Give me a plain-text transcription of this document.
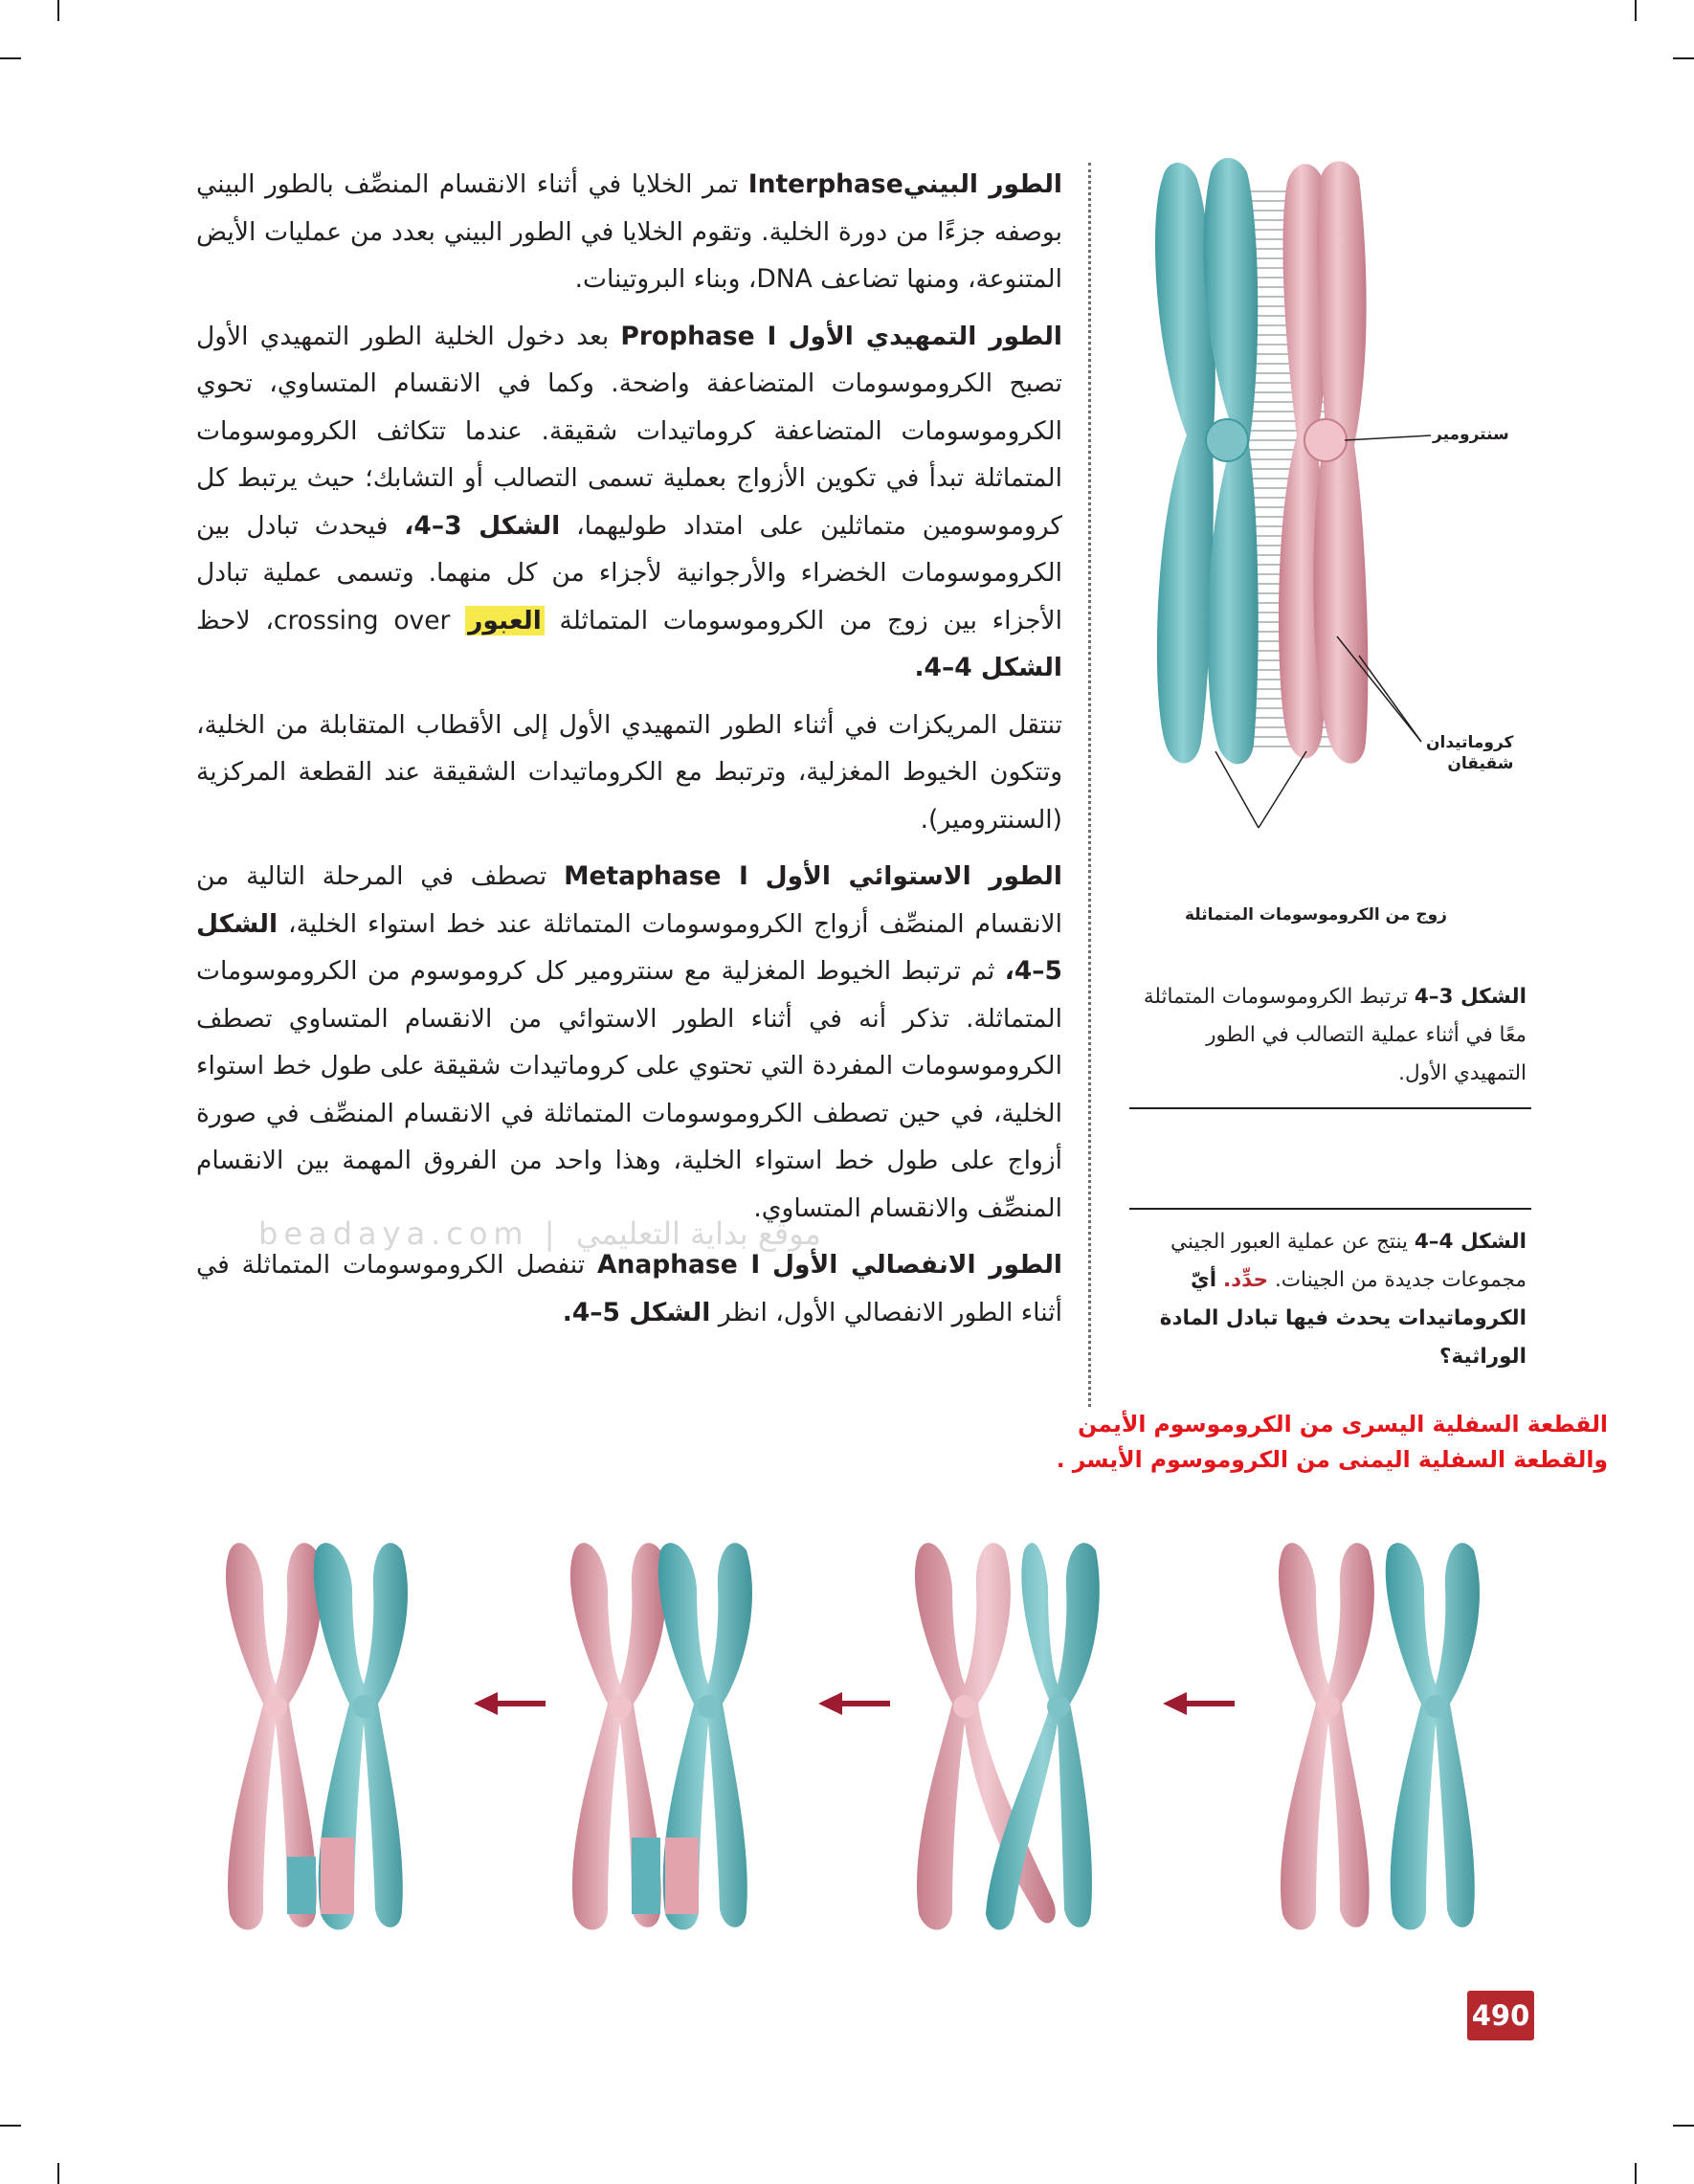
الطور البينيInterphase تمر الخلايا في أثناء الانقسام المنصِّف بالطور البيني بوصفه جزءًا من دورة الخلية. وتقوم الخلايا في الطور البيني بعدد من عمليات الأيض المتنوعة، ومنها تضاعف DNA، وبناء البروتينات.

الطور التمهيدي الأول Prophase I بعد دخول الخلية الطور التمهيدي الأول تصبح الكروموسومات المتضاعفة واضحة. وكما في الانقسام المتساوي، تحوي الكروموسومات المتضاعفة كروماتيدات شقيقة. عندما تتكاثف الكروموسومات المتماثلة تبدأ في تكوين الأزواج بعملية تسمى التصالب أو التشابك؛ حيث يرتبط كل كروموسومين متماثلين على امتداد طوليهما، الشكل 3–4، فيحدث تبادل بين الكروموسومات الخضراء والأرجوانية لأجزاء من كل منهما. وتسمى عملية تبادل الأجزاء بين زوج من الكروموسومات المتماثلة العبور crossing over، لاحظ الشكل 4–4.

تنتقل المريكزات في أثناء الطور التمهيدي الأول إلى الأقطاب المتقابلة من الخلية، وتتكون الخيوط المغزلية، وترتبط مع الكروماتيدات الشقيقة عند القطعة المركزية (السنترومير).

الطور الاستوائي الأول Metaphase I تصطف في المرحلة التالية من الانقسام المنصِّف أزواج الكروموسومات المتماثلة عند خط استواء الخلية، الشكل 5–4، ثم ترتبط الخيوط المغزلية مع سنترومير كل كروموسوم من الكروموسومات المتماثلة. تذكر أنه في أثناء الطور الاستوائي من الانقسام المتساوي تصطف الكروموسومات المفردة التي تحتوي على كروماتيدات شقيقة على طول خط استواء الخلية، في حين تصطف الكروموسومات المتماثلة في الانقسام المنصِّف في صورة أزواج على طول خط استواء الخلية، وهذا واحد من الفروق المهمة بين الانقسام المنصِّف والانقسام المتساوي.

الطور الانفصالي الأول Anaphase I تنفصل الكروموسومات المتماثلة في أثناء الطور الانفصالي الأول، انظر الشكل 5–4.

سنترومير
كروماتيدان
شقيقان
زوج من الكروموسومات المتماثلة
الشكل 3–4 ترتبط الكروموسومات المتماثلة معًا في أثناء عملية التصالب في الطور التمهيدي الأول.
الشكل 4–4 ينتج عن عملية العبور الجيني مجموعات جديدة من الجينات. حدِّد. أيّ الكروماتيدات يحدث فيها تبادل المادة الوراثية؟
القطعة السفلية اليسرى من الكروموسوم الأيمن والقطعة السفلية اليمنى من الكروموسوم الأيسر .
beadaya.com | موقع بداية التعليمي
490
